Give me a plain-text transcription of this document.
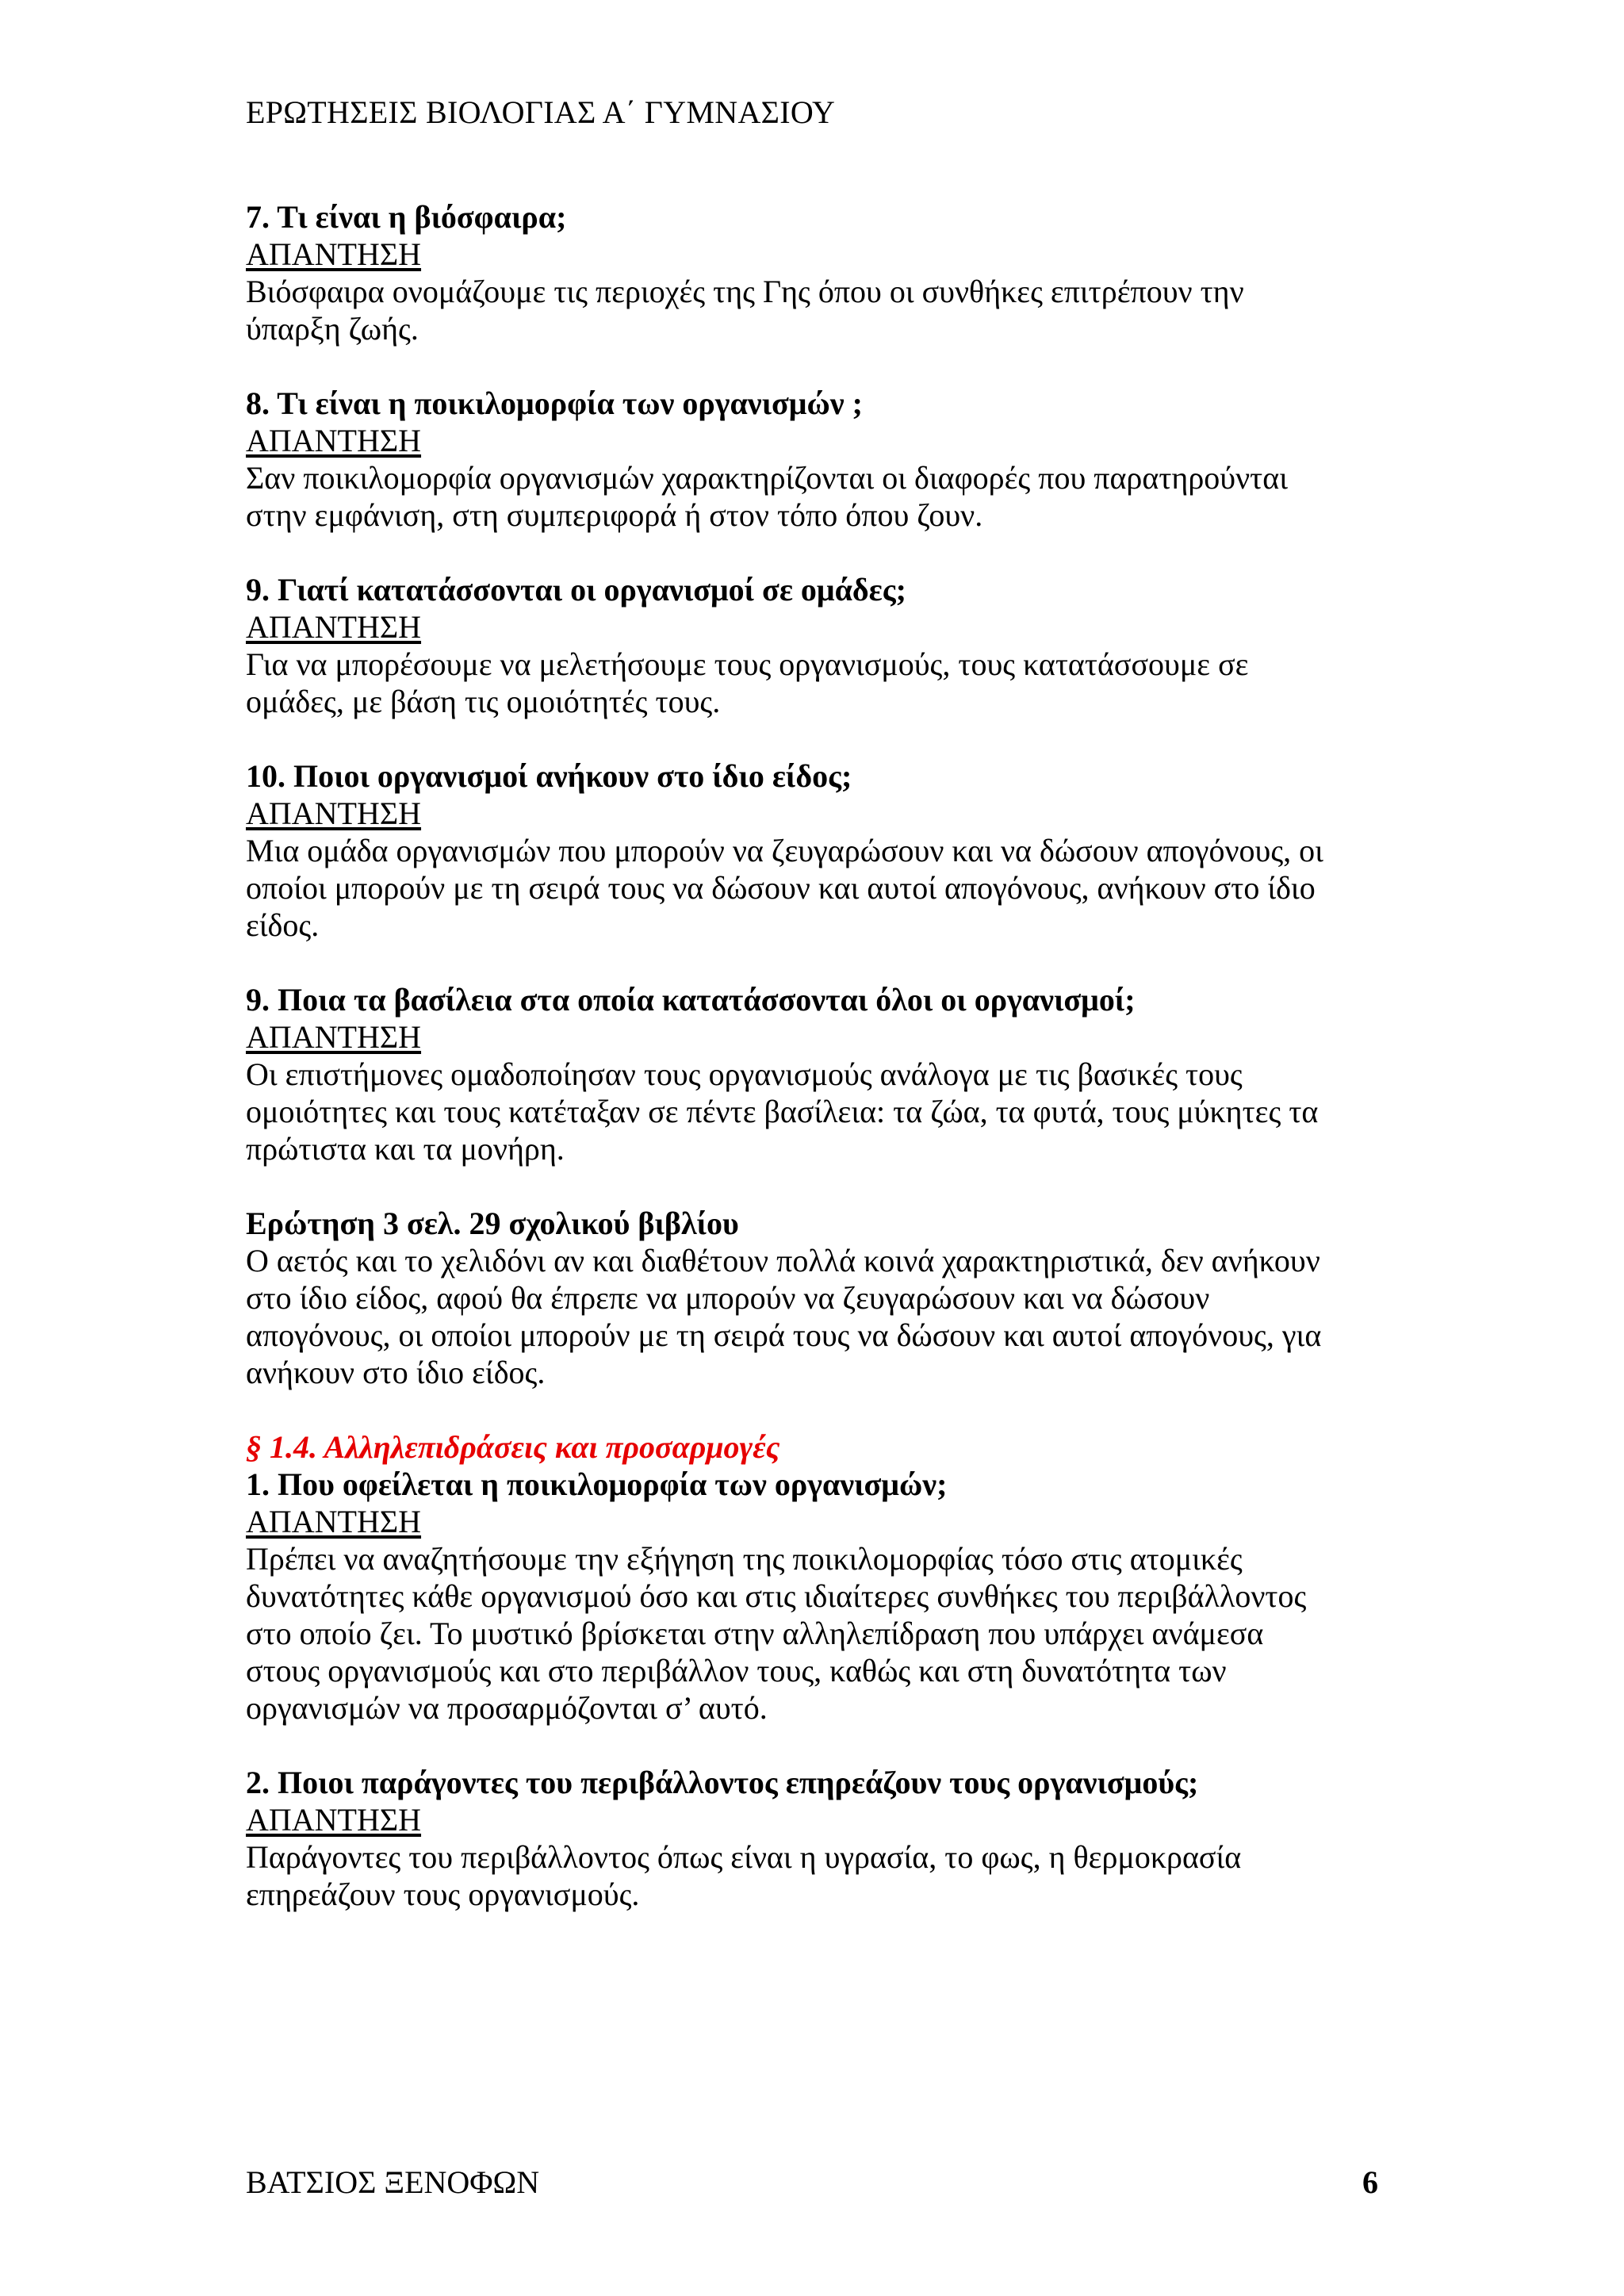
ΕΡΩΤΗΣΕΙΣ ΒΙΟΛΟΓΙΑΣ Α΄ ΓΥΜΝΑΣΙΟΥ
7. Τι είναι η βιόσφαιρα;
ΑΠΑΝΤΗΣΗ
Βιόσφαιρα ονομάζουμε τις περιοχές της Γης όπου οι συνθήκες επιτρέπουν την
ύπαρξη ζωής.
8. Τι είναι η ποικιλομορφία των οργανισμών ;
ΑΠΑΝΤΗΣΗ
Σαν ποικιλομορφία οργανισμών χαρακτηρίζονται οι διαφορές που παρατηρούνται
στην εμφάνιση, στη συμπεριφορά ή στον τόπο όπου ζουν.
9. Γιατί κατατάσσονται οι οργανισμοί σε ομάδες;
ΑΠΑΝΤΗΣΗ
Για να μπορέσουμε να μελετήσουμε τους οργανισμούς, τους κατατάσσουμε σε
ομάδες, με βάση τις ομοιότητές τους.
10. Ποιοι οργανισμοί ανήκουν στο ίδιο είδος;
ΑΠΑΝΤΗΣΗ
Μια ομάδα οργανισμών που μπορούν να ζευγαρώσουν και να δώσουν απογόνους, οι
οποίοι μπορούν με τη σειρά τους να δώσουν και αυτοί απογόνους, ανήκουν στο ίδιο
είδος.
9. Ποια τα βασίλεια στα οποία κατατάσσονται όλοι οι οργανισμοί;
ΑΠΑΝΤΗΣΗ
Οι επιστήμονες ομαδοποίησαν τους οργανισμούς ανάλογα με τις βασικές τους
ομοιότητες και τους κατέταξαν σε πέντε βασίλεια: τα ζώα, τα φυτά, τους μύκητες τα
πρώτιστα και τα μονήρη.
Ερώτηση 3 σελ. 29 σχολικού βιβλίου
Ο αετός και το χελιδόνι αν και διαθέτουν πολλά κοινά χαρακτηριστικά, δεν ανήκουν
στο ίδιο είδος, αφού θα έπρεπε να μπορούν να ζευγαρώσουν και να δώσουν
απογόνους, οι οποίοι μπορούν με τη σειρά τους να δώσουν και αυτοί απογόνους, για
ανήκουν στο ίδιο είδος.
§ 1.4. Αλληλεπιδράσεις και προσαρμογές
1. Που οφείλεται η ποικιλομορφία των οργανισμών;
ΑΠΑΝΤΗΣΗ
Πρέπει να αναζητήσουμε την εξήγηση της ποικιλομορφίας τόσο στις ατομικές
δυνατότητες κάθε οργανισμού όσο και στις ιδιαίτερες συνθήκες του περιβάλλοντος
στο οποίο ζει. Το μυστικό βρίσκεται στην αλληλεπίδραση που υπάρχει ανάμεσα
στους οργανισμούς και στο περιβάλλον τους, καθώς και στη δυνατότητα των
οργανισμών να προσαρμόζονται σ’ αυτό.
2. Ποιοι παράγοντες του περιβάλλοντος επηρεάζουν τους οργανισμούς;
ΑΠΑΝΤΗΣΗ
Παράγοντες του περιβάλλοντος όπως είναι η υγρασία, το φως, η θερμοκρασία
επηρεάζουν τους οργανισμούς.
ΒΑΤΣΙΟΣ ΞΕΝΟΦΩΝ	6
